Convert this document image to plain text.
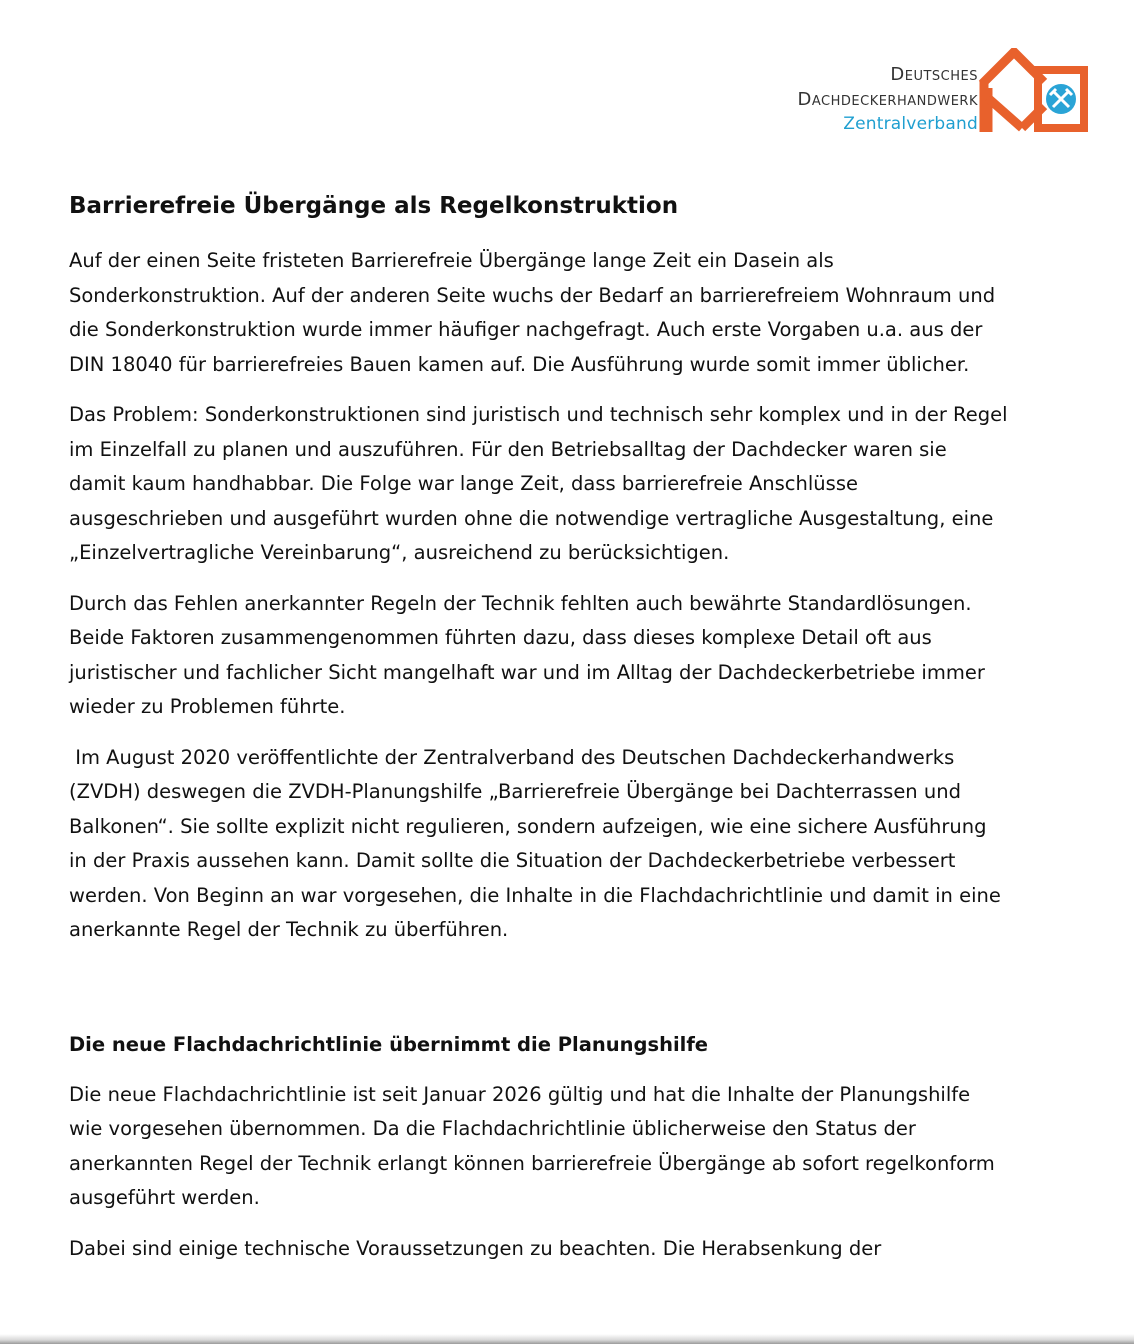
Deutsches
Dachdeckerhandwerk
Zentralverband
Barrierefreie Übergänge als Regelkonstruktion

Auf der einen Seite fristeten Barrierefreie Übergänge lange Zeit ein Dasein als Sonderkonstruktion. Auf der anderen Seite wuchs der Bedarf an barrierefreiem Wohnraum und die Sonderkonstruktion wurde immer häufiger nachgefragt. Auch erste Vorgaben u.a. aus der DIN 18040 für barrierefreies Bauen kamen auf. Die Ausführung wurde somit immer üblicher.

Das Problem: Sonderkonstruktionen sind juristisch und technisch sehr komplex und in der Regel im Einzelfall zu planen und auszuführen. Für den Betriebsalltag der Dachdecker waren sie damit kaum handhabbar. Die Folge war lange Zeit, dass barrierefreie Anschlüsse ausgeschrieben und ausgeführt wurden ohne die notwendige vertragliche Ausgestaltung, eine „Einzelvertragliche Vereinbarung“, ausreichend zu berücksichtigen.

Durch das Fehlen anerkannter Regeln der Technik fehlten auch bewährte Standardlösungen. Beide Faktoren zusammengenommen führten dazu, dass dieses komplexe Detail oft aus juristischer und fachlicher Sicht mangelhaft war und im Alltag der Dachdeckerbetriebe immer wieder zu Problemen führte.

Im August 2020 veröffentlichte der Zentralverband des Deutschen Dachdeckerhandwerks (ZVDH) deswegen die ZVDH-Planungshilfe „Barrierefreie Übergänge bei Dachterrassen und Balkonen“. Sie sollte explizit nicht regulieren, sondern aufzeigen, wie eine sichere Ausführung in der Praxis aussehen kann. Damit sollte die Situation der Dachdeckerbetriebe verbessert werden. Von Beginn an war vorgesehen, die Inhalte in die Flachdachrichtlinie und damit in eine anerkannte Regel der Technik zu überführen.

Die neue Flachdachrichtlinie übernimmt die Planungshilfe

Die neue Flachdachrichtlinie ist seit Januar 2026 gültig und hat die Inhalte der Planungshilfe wie vorgesehen übernommen. Da die Flachdachrichtlinie üblicherweise den Status der anerkannten Regel der Technik erlangt können barrierefreie Übergänge ab sofort regelkonform ausgeführt werden.

Dabei sind einige technische Voraussetzungen zu beachten. Die Herabsenkung der
